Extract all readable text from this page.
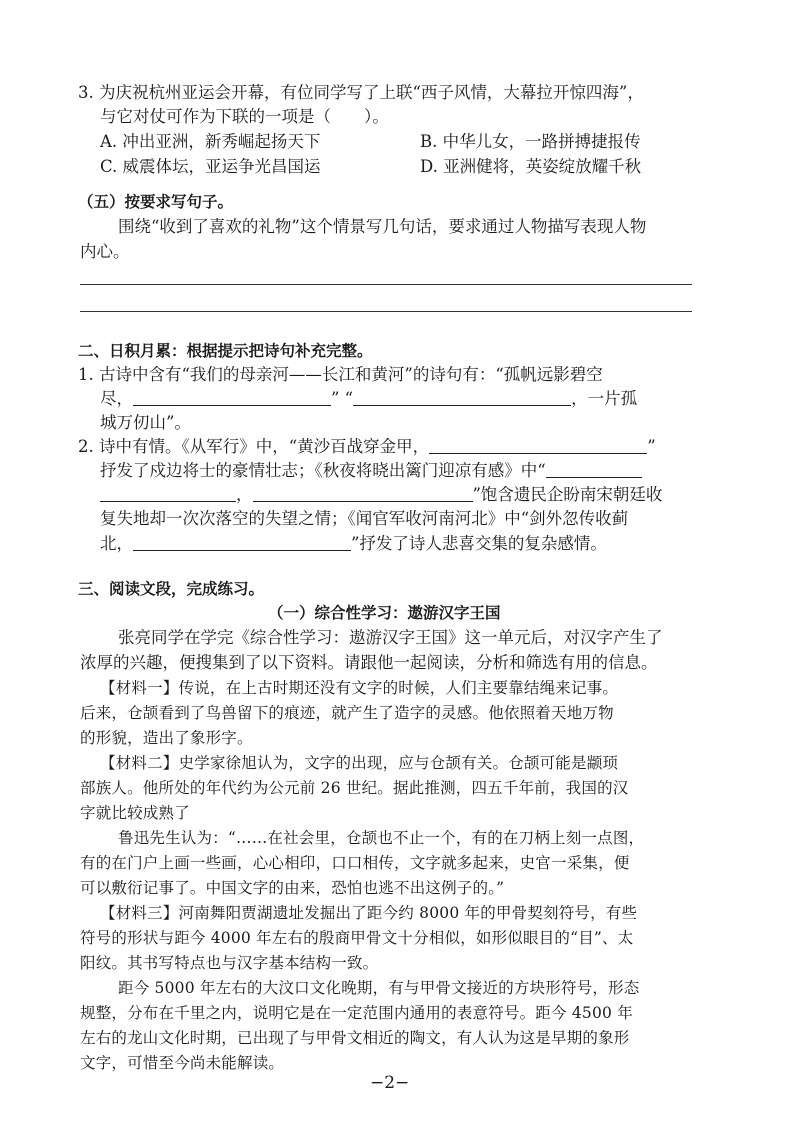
3. 为庆祝杭州亚运会开幕，有位同学写了上联“西子风情，大幕拉开惊四海”，
与它对仗可作为下联的一项是（　　）。
A. 冲出亚洲，新秀崛起扬天下	B. 中华儿女，一路拼搏捷报传
C. 威震体坛，亚运争光昌国运	D. 亚洲健将，英姿绽放耀千秋
（五）按要求写句子。
围绕“收到了喜欢的礼物”这个情景写几句话，要求通过人物描写表现人物
内心。
二、日积月累：根据提示把诗句补充完整。
1. 古诗中含有“我们的母亲河——长江和黄河”的诗句有：“孤帆远影碧空
尽，	” “	，一片孤
城万仞山”。
2. 诗中有情。《从军行》中，“黄沙百战穿金甲，	”
抒发了戍边将士的豪情壮志；《秋夜将晓出篱门迎凉有感》中“
，	”饱含遗民企盼南宋朝廷收
复失地却一次次落空的失望之情；《闻官军收河南河北》中“剑外忽传收蓟
北，	”抒发了诗人悲喜交集的复杂感情。
三、阅读文段，完成练习。
（一）综合性学习：遨游汉字王国
张亮同学在学完《综合性学习：遨游汉字王国》这一单元后，对汉字产生了
浓厚的兴趣，便搜集到了以下资料。请跟他一起阅读，分析和筛选有用的信息。
【材料一】传说，在上古时期还没有文字的时候，人们主要靠结绳来记事。
后来，仓颉看到了鸟兽留下的痕迹，就产生了造字的灵感。他依照着天地万物
的形貌，造出了象形字。
【材料二】史学家徐旭认为，文字的出现，应与仓颉有关。仓颉可能是颛顼
部族人。他所处的年代约为公元前 26 世纪。据此推测，四五千年前，我国的汉
字就比较成熟了
鲁迅先生认为：“……在社会里，仓颉也不止一个，有的在刀柄上刻一点图，
有的在门户上画一些画，心心相印，口口相传，文字就多起来，史官一采集，便
可以敷衍记事了。中国文字的由来，恐怕也逃不出这例子的。”
【材料三】河南舞阳贾湖遗址发掘出了距今约 8000 年的甲骨契刻符号，有些
符号的形状与距今 4000 年左右的殷商甲骨文十分相似，如形似眼目的“目”、太
阳纹。其书写特点也与汉字基本结构一致。
距今 5000 年左右的大汶口文化晚期，有与甲骨文接近的方块形符号，形态
规整，分布在千里之内，说明它是在一定范围内通用的表意符号。距今 4500 年
左右的龙山文化时期，已出现了与甲骨文相近的陶文，有人认为这是早期的象形
文字，可惜至今尚未能解读。
−2−
